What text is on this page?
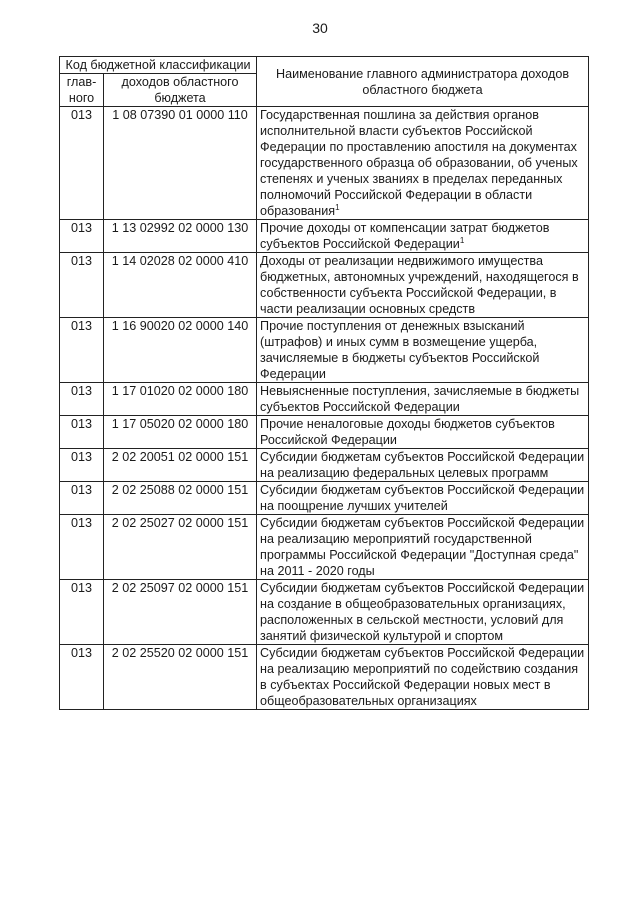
30
Код бюджетной классификации		Наименование главного администратора доходов областного бюджета
глав-ного	доходов областного бюджета	
013	1 08 07390 01 0000 110	Государственная пошлина за действия органов исполнительной власти субъектов Российской Федерации по проставлению апостиля на документах государственного образца об образовании, об ученых степенях и ученых званиях в пределах переданных полномочий Российской Федерации в области образования$^1$
013	1 13 02992 02 0000 130	Прочие доходы от компенсации затрат бюджетов субъектов Российской Федерации$^1$
013	1 14 02028 02 0000 410	Доходы от реализации недвижимого имущества бюджетных, автономных учреждений, находящегося в собственности субъекта Российской Федерации, в части реализации основных средств
013	1 16 90020 02 0000 140	Прочие поступления от денежных взысканий (штрафов) и иных сумм в возмещение ущерба, зачисляемые в бюджеты субъектов Российской Федерации
013	1 17 01020 02 0000 180	Невыясненные поступления, зачисляемые в бюджеты субъектов Российской Федерации
013	1 17 05020 02 0000 180	Прочие неналоговые доходы бюджетов субъектов Российской Федерации
013	2 02 20051 02 0000 151	Субсидии бюджетам субъектов Российской Федерации на реализацию федеральных целевых программ
013	2 02 25088 02 0000 151	Субсидии бюджетам субъектов Российской Федерации на поощрение лучших учителей
013	2 02 25027 02 0000 151	Субсидии бюджетам субъектов Российской Федерации на реализацию мероприятий государственной программы Российской Федерации "Доступная среда" на 2011 - 2020 годы
013	2 02 25097 02 0000 151	Субсидии бюджетам субъектов Российской Федерации на создание в общеобразовательных организациях, расположенных в сельской местности, условий для занятий физической культурой и спортом
013	2 02 25520 02 0000 151	Субсидии бюджетам субъектов Российской Федерации на реализацию мероприятий по содействию создания в субъектах Российской Федерации новых мест в общеобразовательных организациях
